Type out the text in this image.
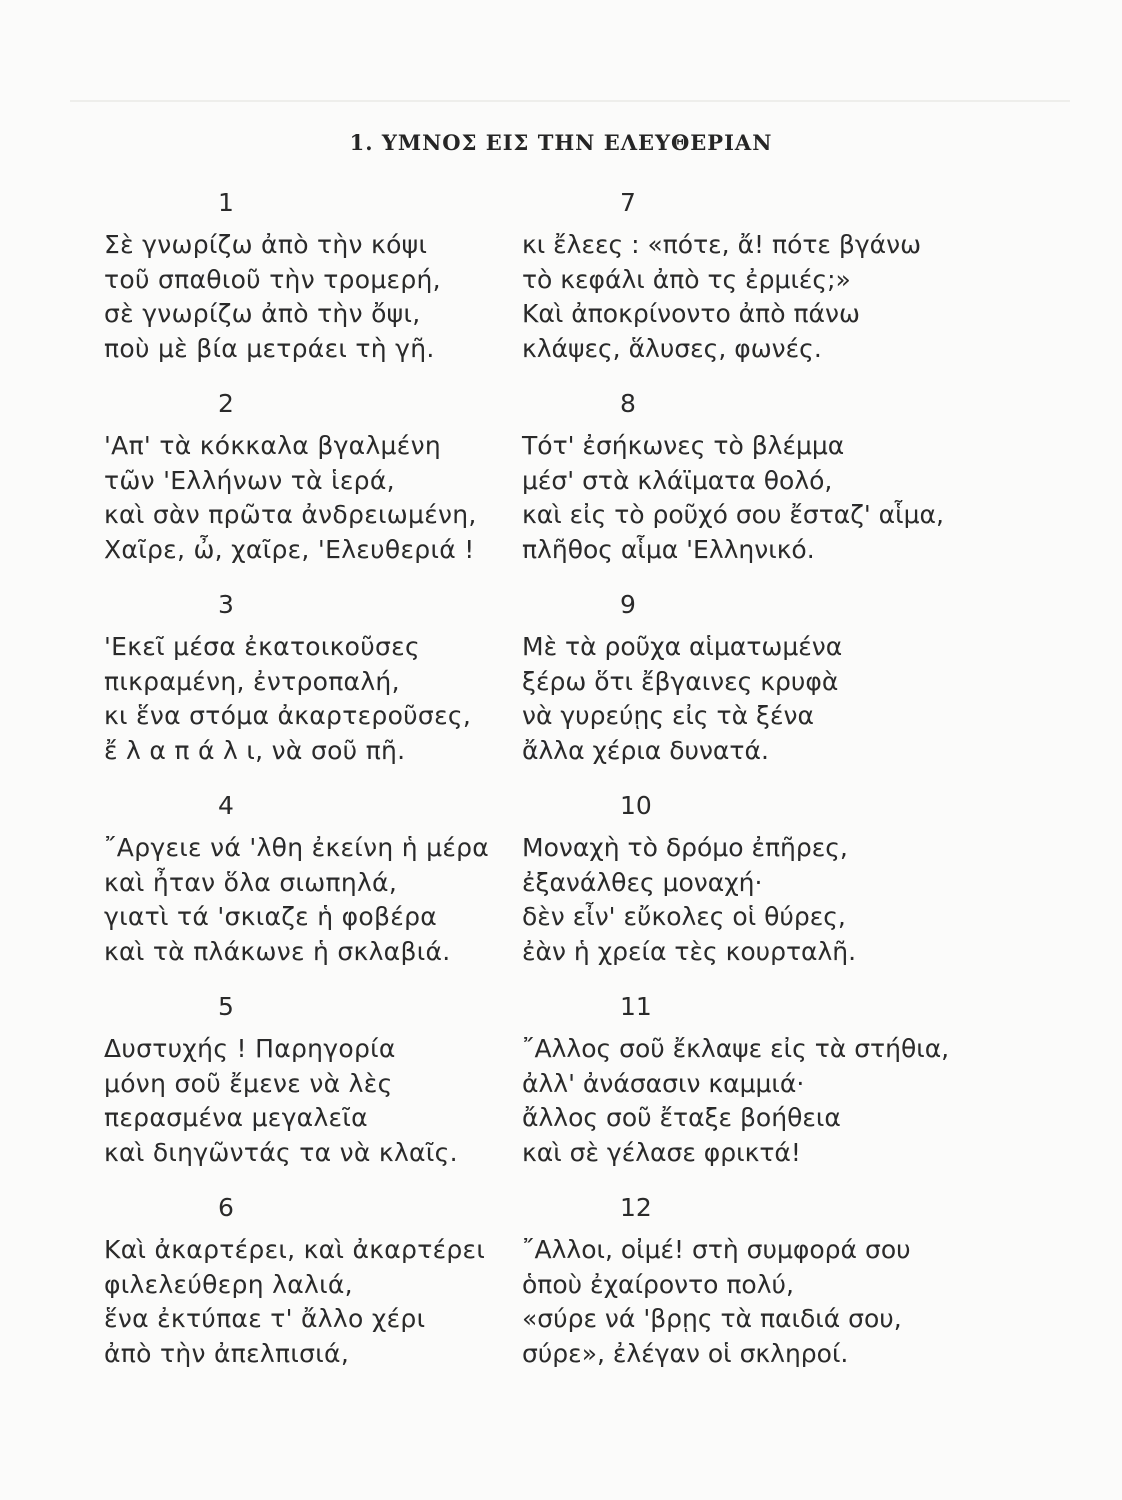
1. ΥΜΝΟΣ ΕΙΣ ΤΗΝ ΕΛΕΥΘΕΡΙΑΝ
1
Σὲ γνωρίζω ἀπὸ τὴν κόψι
τοῦ σπαθιοῦ τὴν τρομερή,
σὲ γνωρίζω ἀπὸ τὴν ὄψι,
ποὺ μὲ βία μετράει τὴ γῆ.
2
'Απ' τὰ κόκκαλα βγαλμένη
τῶν 'Ελλήνων τὰ ἱερά,
καὶ σὰν πρῶτα ἀνδρειωμένη,
Χαῖρε, ὦ, χαῖρε, 'Ελευθεριά !
3
'Εκεῖ μέσα ἐκατοικοῦσες
πικραμένη, ἐντροπαλή,
κι ἕνα στόμα ἀκαρτεροῦσες,
ἔ λ α π ά λ ι, νὰ σοῦ πῆ.
4
῎Αργειε νά 'λθη ἐκείνη ἡ μέρα
καὶ ἦταν ὅλα σιωπηλά,
γιατὶ τά 'σκιαζε ἡ φοβέρα
καὶ τὰ πλάκωνε ἡ σκλαβιά.
5
Δυστυχής ! Παρηγορία
μόνη σοῦ ἔμενε νὰ λὲς
περασμένα μεγαλεῖα
καὶ διηγῶντάς τα νὰ κλαῖς.
6
Καὶ ἀκαρτέρει, καὶ ἀκαρτέρει
φιλελεύθερη λαλιά,
ἕνα ἐκτύπαε τ' ἄλλο χέρι
ἀπὸ τὴν ἀπελπισιά,
7
κι ἔλεες : «πότε, ἄ! πότε βγάνω
τὸ κεφάλι ἀπὸ τς ἐρμιές;»
Καὶ ἀποκρίνοντο ἀπὸ πάνω
κλάψες, ἅλυσες, φωνές.
8
Τότ' ἐσήκωνες τὸ βλέμμα
μέσ' στὰ κλάϊματα θολό,
καὶ εἰς τὸ ροῦχό σου ἔσταζ' αἷμα,
πλῆθος αἷμα 'Ελληνικό.
9
Μὲ τὰ ροῦχα αἱματωμένα
ξέρω ὅτι ἔβγαινες κρυφὰ
νὰ γυρεύῃς εἰς τὰ ξένα
ἄλλα χέρια δυνατά.
10
Μοναχὴ τὸ δρόμο ἐπῆρες,
ἐξανάλθες μοναχή·
δὲν εἶν' εὔκολες οἱ θύρες,
ἐὰν ἡ χρεία τὲς κουρταλῆ.
11
῎Αλλος σοῦ ἔκλαψε εἰς τὰ στήθια,
ἀλλ' ἀνάσασιν καμμιά·
ἄλλος σοῦ ἔταξε βοήθεια
καὶ σὲ γέλασε φρικτά!
12
῎Αλλοι, οἰμέ! στὴ συμφορά σου
ὁποὺ ἐχαίροντο πολύ,
«σύρε νά 'βρῃς τὰ παιδιά σου,
σύρε», ἐλέγαν οἱ σκληροί.
